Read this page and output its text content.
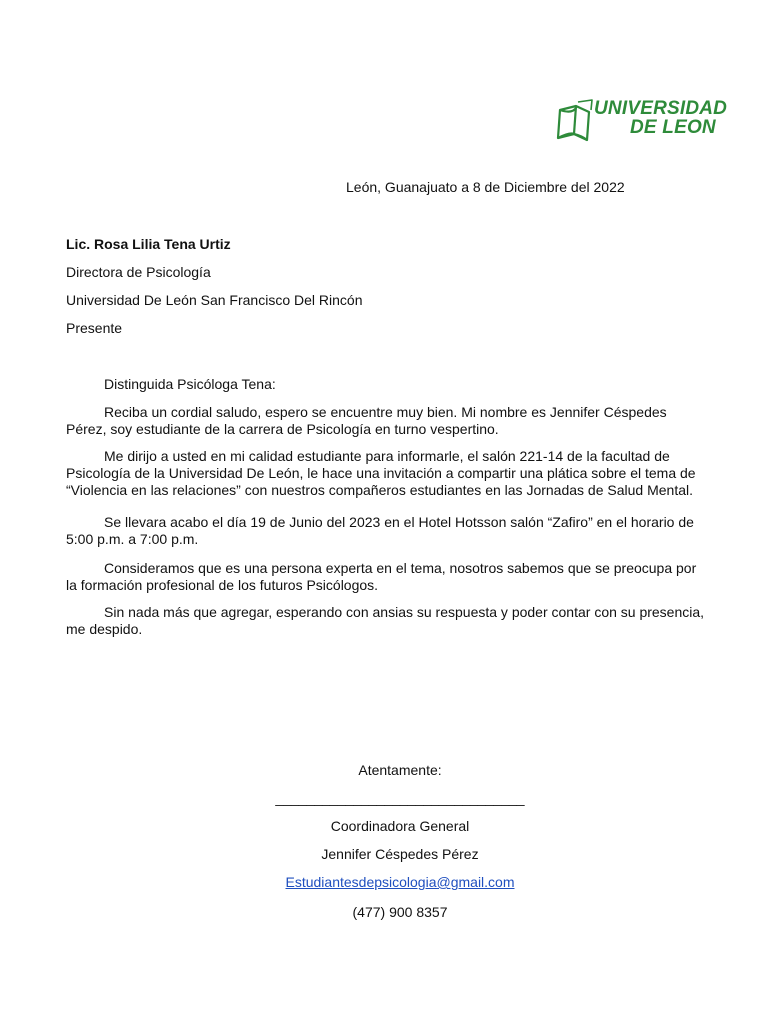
UNIVERSIDAD
DE LEON
León, Guanajuato a 8 de Diciembre del 2022

Lic. Rosa Lilia Tena Urtiz

Directora de Psicología

Universidad De León San Francisco Del Rincón

Presente

Distinguida Psicóloga Tena:

Reciba un cordial saludo, espero se encuentre muy bien. Mi nombre es Jennifer Céspedes Pérez, soy estudiante de la carrera de Psicología en turno vespertino.

Me dirijo a usted en mi calidad estudiante para informarle, el salón 221-14 de la facultad de Psicología de la Universidad De León, le hace una invitación a compartir una plática sobre el tema de “Violencia en las relaciones” con nuestros compañeros estudiantes en las Jornadas de Salud Mental.

Se llevara acabo el día 19 de Junio del 2023 en el Hotel Hotsson salón “Zafiro” en el horario de 5:00 p.m. a 7:00 p.m.

Consideramos que es una persona experta en el tema, nosotros sabemos que se preocupa por la formación profesional de los futuros Psicólogos.

Sin nada más que agregar, esperando con ansias su respuesta y poder contar con su presencia, me despido.

Atentamente:
________________________________
Coordinadora General
Jennifer Céspedes Pérez
Estudiantesdepsicologia@gmail.com
(477) 900 8357
